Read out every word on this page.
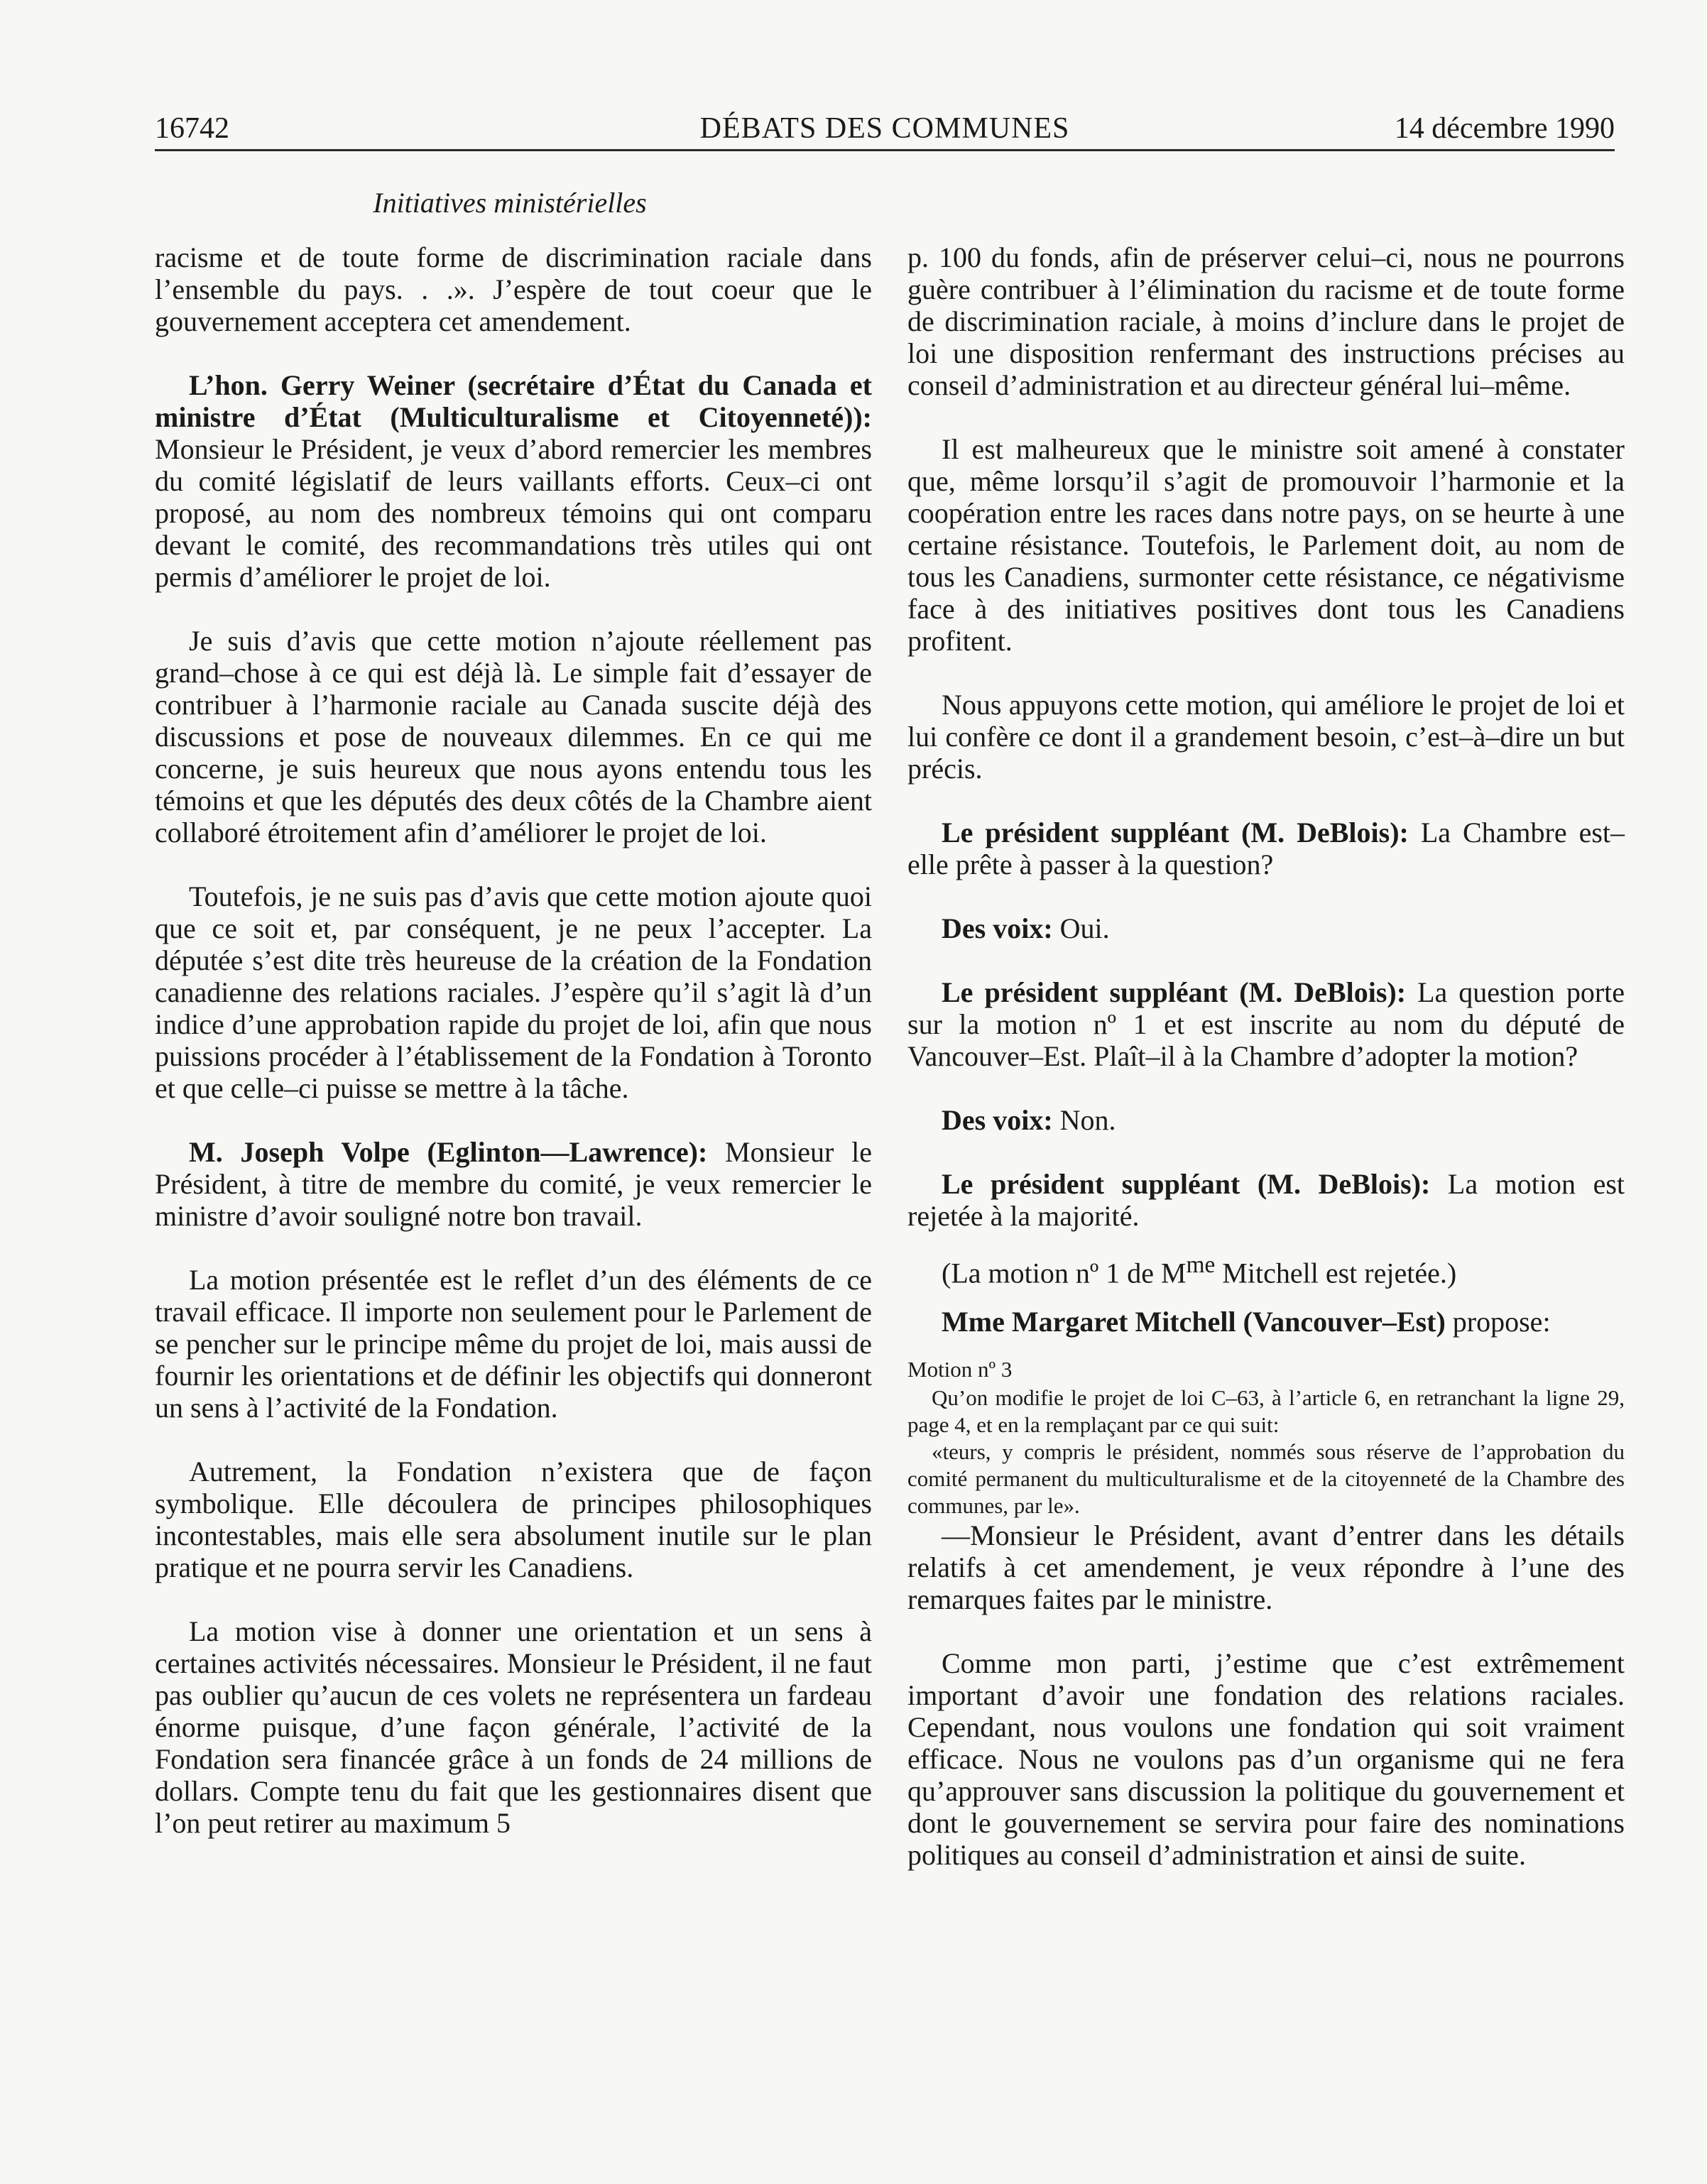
16742	DÉBATS DES COMMUNES	14 décembre 1990
Initiatives ministérielles

racisme et de toute forme de discrimination raciale dans l’ensemble du pays. . .». J’espère de tout coeur que le gouvernement acceptera cet amendement.

L’hon. Gerry Weiner (secrétaire d’État du Canada et ministre d’État (Multiculturalisme et Citoyenneté)): Monsieur le Président, je veux d’abord remercier les membres du comité législatif de leurs vaillants efforts. Ceux–ci ont proposé, au nom des nombreux témoins qui ont comparu devant le comité, des recommandations très utiles qui ont permis d’améliorer le projet de loi.

Je suis d’avis que cette motion n’ajoute réellement pas grand–chose à ce qui est déjà là. Le simple fait d’essayer de contribuer à l’harmonie raciale au Canada suscite déjà des discussions et pose de nouveaux dilemmes. En ce qui me concerne, je suis heureux que nous ayons entendu tous les témoins et que les députés des deux côtés de la Chambre aient collaboré étroitement afin d’améliorer le projet de loi.

Toutefois, je ne suis pas d’avis que cette motion ajoute quoi que ce soit et, par conséquent, je ne peux l’accepter. La députée s’est dite très heureuse de la création de la Fondation canadienne des relations raciales. J’espère qu’il s’agit là d’un indice d’une approbation rapide du projet de loi, afin que nous puissions procéder à l’établissement de la Fondation à Toronto et que celle–ci puisse se mettre à la tâche.

M. Joseph Volpe (Eglinton—Lawrence): Monsieur le Président, à titre de membre du comité, je veux remercier le ministre d’avoir souligné notre bon travail.

La motion présentée est le reflet d’un des éléments de ce travail efficace. Il importe non seulement pour le Parlement de se pencher sur le principe même du projet de loi, mais aussi de fournir les orientations et de définir les objectifs qui donneront un sens à l’activité de la Fondation.

Autrement, la Fondation n’existera que de façon symbolique. Elle découlera de principes philosophiques incontestables, mais elle sera absolument inutile sur le plan pratique et ne pourra servir les Canadiens.

La motion vise à donner une orientation et un sens à certaines activités nécessaires. Monsieur le Président, il ne faut pas oublier qu’aucun de ces volets ne représentera un fardeau énorme puisque, d’une façon générale, l’activité de la Fondation sera financée grâce à un fonds de 24 millions de dollars. Compte tenu du fait que les gestionnaires disent que l’on peut retirer au maximum 5

p. 100 du fonds, afin de préserver celui–ci, nous ne pourrons guère contribuer à l’élimination du racisme et de toute forme de discrimination raciale, à moins d’inclure dans le projet de loi une disposition renfermant des instructions précises au conseil d’administration et au directeur général lui–même.

Il est malheureux que le ministre soit amené à constater que, même lorsqu’il s’agit de promouvoir l’harmonie et la coopération entre les races dans notre pays, on se heurte à une certaine résistance. Toutefois, le Parlement doit, au nom de tous les Canadiens, surmonter cette résistance, ce négativisme face à des initiatives positives dont tous les Canadiens profitent.

Nous appuyons cette motion, qui améliore le projet de loi et lui confère ce dont il a grandement besoin, c’est–à–dire un but précis.

Le président suppléant (M. DeBlois): La Chambre est–elle prête à passer à la question?

Des voix: Oui.

Le président suppléant (M. DeBlois): La question porte sur la motion nº 1 et est inscrite au nom du député de Vancouver–Est. Plaît–il à la Chambre d’adopter la motion?

Des voix: Non.

Le président suppléant (M. DeBlois): La motion est rejetée à la majorité.

(La motion nº 1 de $M^{me}$ Mitchell est rejetée.)

Mme Margaret Mitchell (Vancouver–Est) propose:

Motion nº 3

Qu’on modifie le projet de loi C–63, à l’article 6, en retranchant la ligne 29, page 4, et en la remplaçant par ce qui suit:

«teurs, y compris le président, nommés sous réserve de l’approbation du comité permanent du multiculturalisme et de la citoyenneté de la Chambre des communes, par le».

—Monsieur le Président, avant d’entrer dans les détails relatifs à cet amendement, je veux répondre à l’une des remarques faites par le ministre.

Comme mon parti, j’estime que c’est extrêmement important d’avoir une fondation des relations raciales. Cependant, nous voulons une fondation qui soit vraiment efficace. Nous ne voulons pas d’un organisme qui ne fera qu’approuver sans discussion la politique du gouvernement et dont le gouvernement se servira pour faire des nominations politiques au conseil d’administration et ainsi de suite.
